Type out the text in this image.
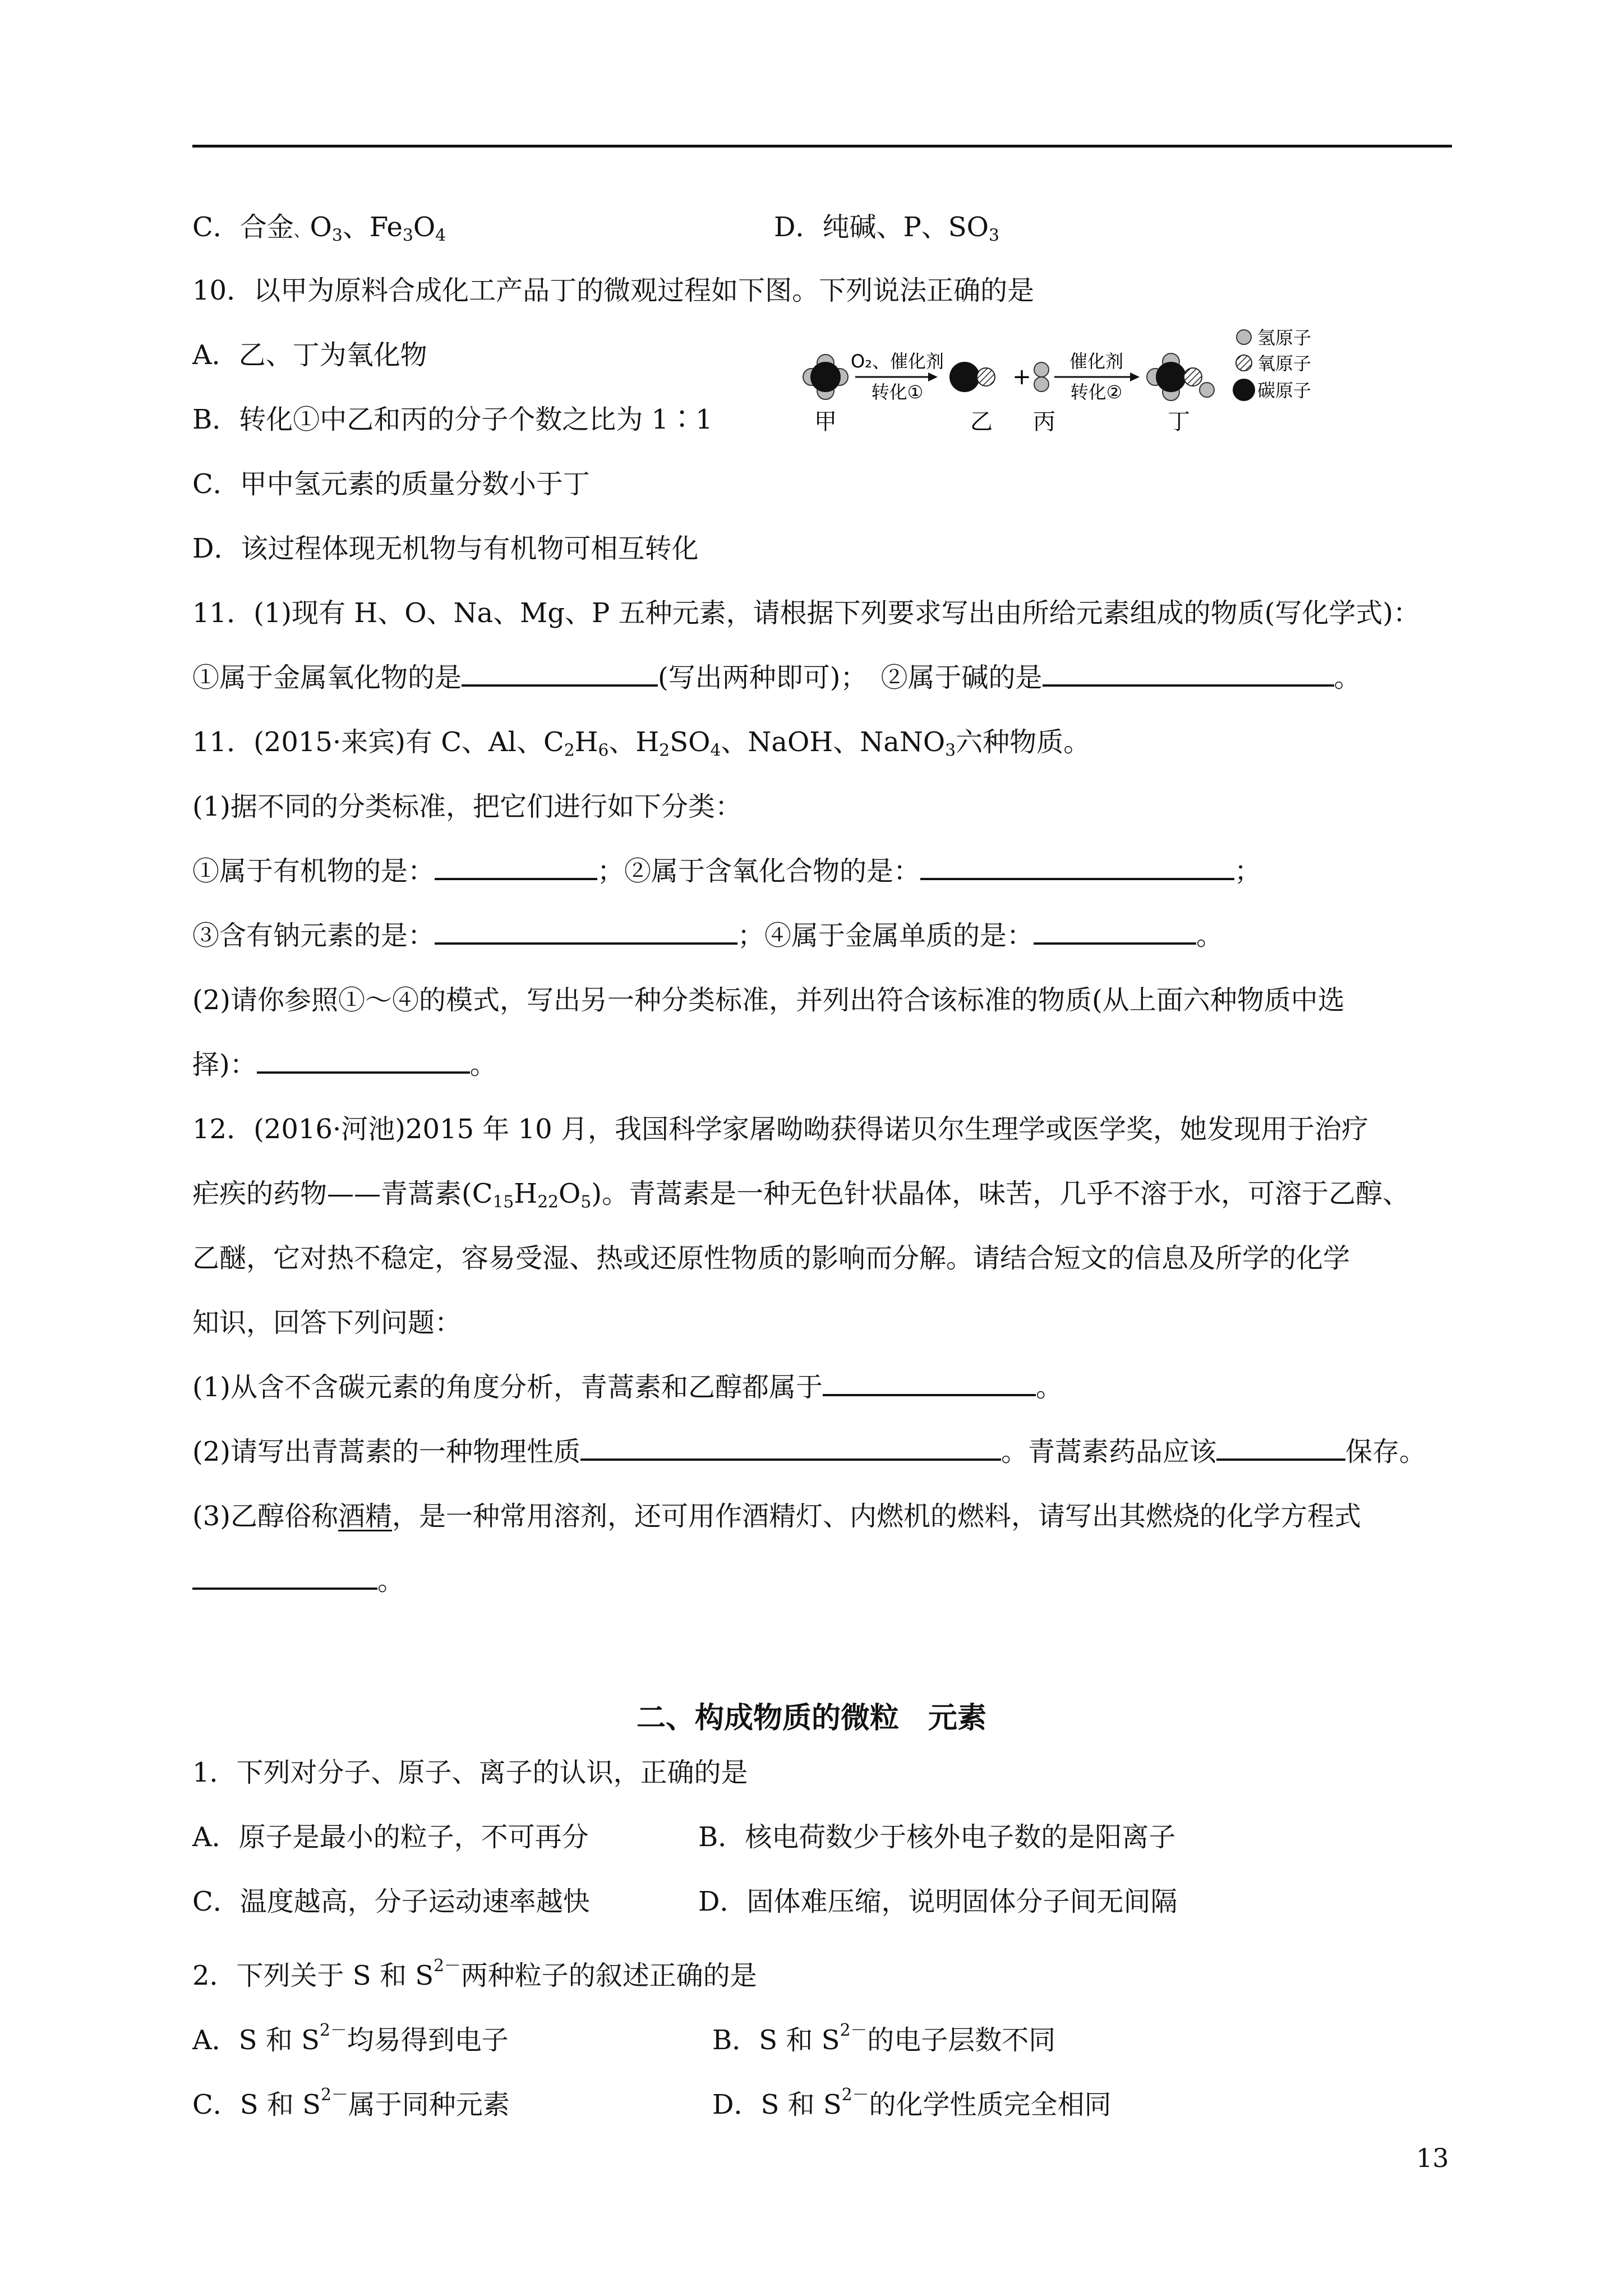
C．合金、$O_3$、$Fe_3O_4$	D．纯碱、P、$SO_3$
10．以甲为原料合成化工产品丁的微观过程如下图。下列说法正确的是
A．乙、丁为氧化物
B．转化①中乙和丙的分子个数之比为 1∶1
C．甲中氢元素的质量分数小于丁
D．该过程体现无机物与有机物可相互转化
O₂、催化剂
转化①
+
催化剂
转化②
氢原子
氧原子
碳原子
甲	乙 丙	丁
11．(1)现有 H、O、Na、Mg、P 五种元素，请根据下列要求写出由所给元素组成的物质(写化学式)：
①属于金属氧化物的是	(写出两种即可)；　 ②属于碱的是	。
11．(2015·来宾)有 C、Al、$C_2H_6$、$H_2SO_4$、NaOH、NaNO$_3$六种物质。
(1)据不同的分类标准，把它们进行如下分类：
①属于有机物的是：	；②属于含氧化合物的是：	；
③含有钠元素的是：	；④属于金属单质的是：	。
(2)请你参照①～④的模式，写出另一种分类标准，并列出符合该标准的物质(从上面六种物质中选
择)：	。
12．(2016·河池)2015 年 10 月，我国科学家屠呦呦获得诺贝尔生理学或医学奖，她发现用于治疗
疟疾的药物——青蒿素$(C_{15}H_{22}O_5)$。青蒿素是一种无色针状晶体，味苦，几乎不溶于水，可溶于乙醇、
乙醚，它对热不稳定，容易受湿、热或还原性物质的影响而分解。请结合短文的信息及所学的化学
知识，回答下列问题：
(1)从含不含碳元素的角度分析，青蒿素和乙醇都属于	。
(2)请写出青蒿素的一种物理性质	。青蒿素药品应该	保存。
(3)乙醇俗称酒精，是一种常用溶剂，还可用作酒精灯、内燃机的燃料，请写出其燃烧的化学方程式
。
二、构成物质的微粒　元素
1．下列对分子、原子、离子的认识，正确的是
A．原子是最小的粒子，不可再分	B．核电荷数少于核外电子数的是阳离子
C．温度越高，分子运动速率越快	D．固体难压缩，说明固体分子间无间隔
2．下列关于 S 和 $S^{2-}$两种粒子的叙述正确的是
A．S 和 $S^{2-}$均易得到电子	B．S 和 $S^{2-}$的电子层数不同
C．S 和 $S^{2-}$属于同种元素	D．S 和 $S^{2-}$的化学性质完全相同
13
